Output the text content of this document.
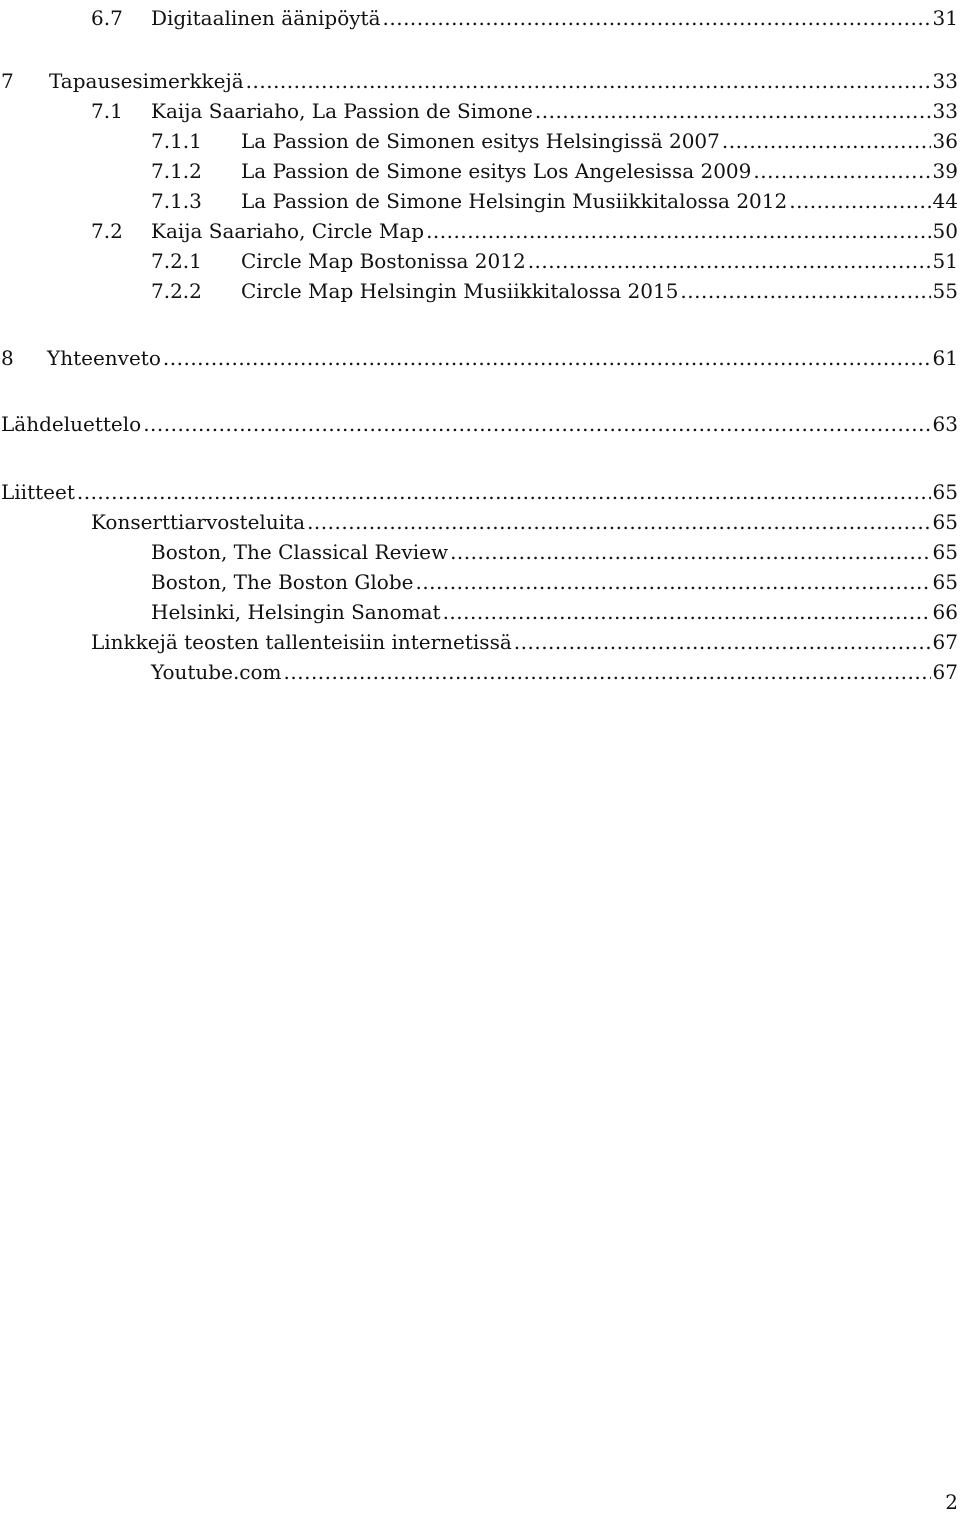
6.7	Digitaalinen äänipöytä .....	31
7	Tapausesimerkkejä .....	33
7.1	Kaija Saariaho, La Passion de Simone .....	33
7.1.1	La Passion de Simonen esitys Helsingissä 2007 .....	36
7.1.2	La Passion de Simone esitys Los Angelesissa 2009 .....	39
7.1.3	La Passion de Simone Helsingin Musiikkitalossa 2012 .....	44
7.2	Kaija Saariaho, Circle Map .....	50
7.2.1	Circle Map Bostonissa 2012 .....	51
7.2.2	Circle Map Helsingin Musiikkitalossa 2015 .....	55
8	Yhteenveto .....	61
Lähdeluettelo .....	63
Liitteet .....	65
Konserttiarvosteluita .....	65
Boston, The Classical Review .....	65
Boston, The Boston Globe .....	65
Helsinki, Helsingin Sanomat .....	66
Linkkejä teosten tallenteisiin internetissä .....	67
Youtube.com .....	67
2
